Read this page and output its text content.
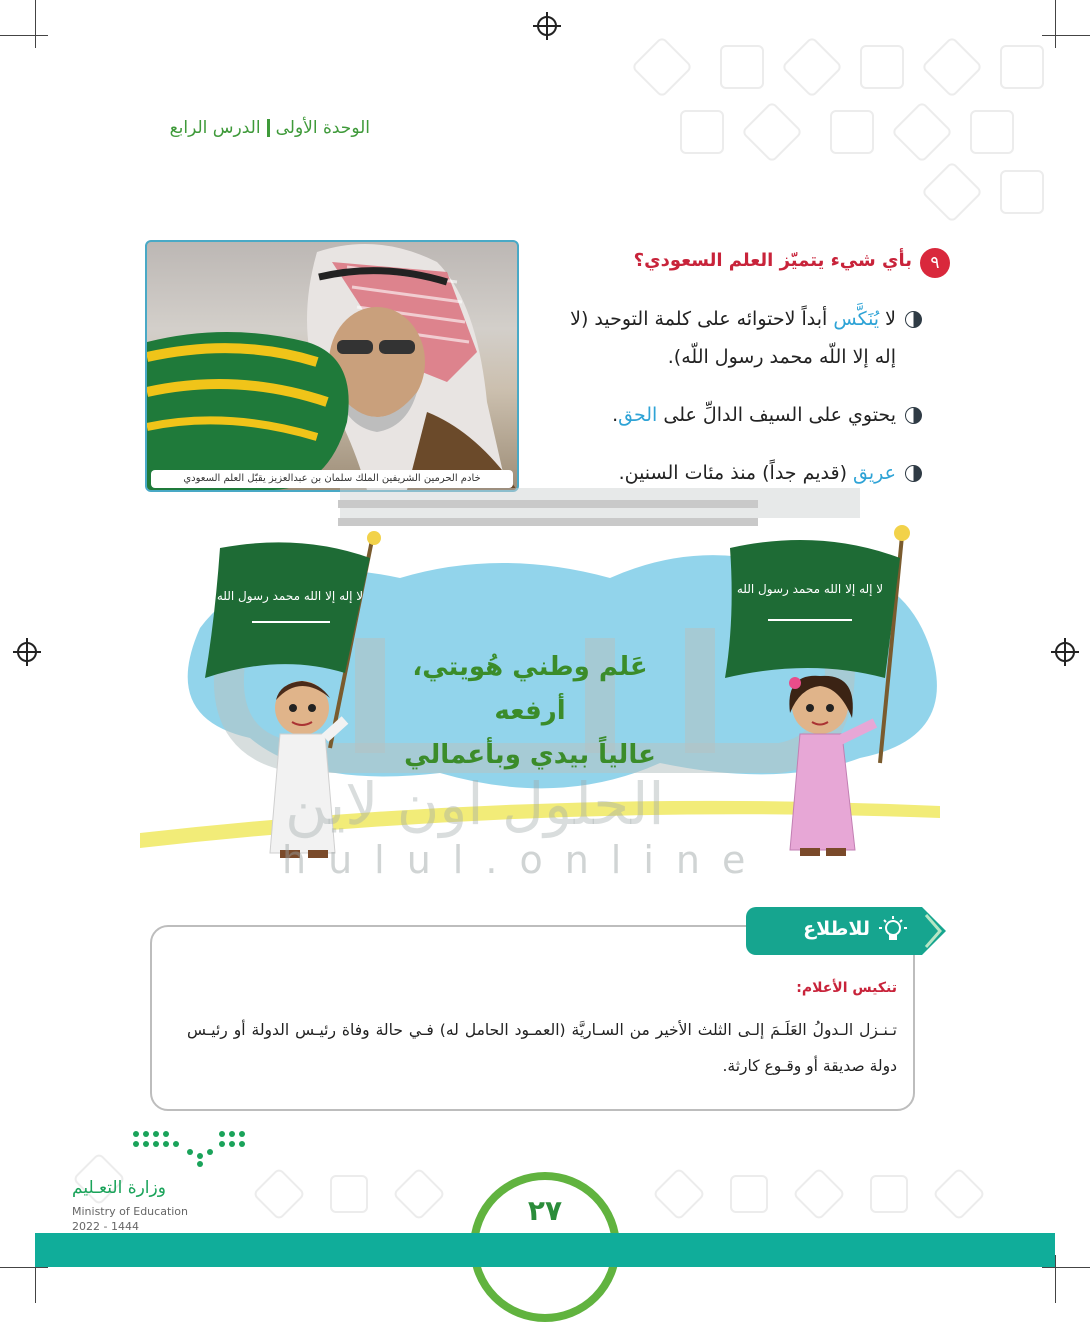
الوحدة الأولىالدرس الرابع
٩
بأي شيء يتميّز العلم السعودي؟
لا يُنَكَّس أبداً لاحتوائه على كلمة التوحيد (لا إله إلا اللّه محمد رسول اللّه).
يحتوي على السيف الدالِّ على الحق.
عريق (قديم جداً) منذ مئات السنين.
خادم الحرمين الشريفين الملك سلمان بن عبدالعزيز يقبّل العلم السعودي
لا إله إلا الله محمد رسول الله	لا إله إلا الله محمد رسول الله
عَلم وطني هُويتي، أرفعه
عالياً بيدي وبأعمالي
الحلول اون لاين
hulul.online
للاطلاع
تنكيس الأعلام:
تـنـزل الـدولُ العَلَـمَ إلـى الثلث الأخير من السـاريَّة (العمـود الحامل له) فـي حالة وفاة رئيـس الدولة أو رئيـس دولة صديقة أو وقـوع كارثة.
٢٧
وزارة التعـليم
Ministry of Education
2022 - 1444
